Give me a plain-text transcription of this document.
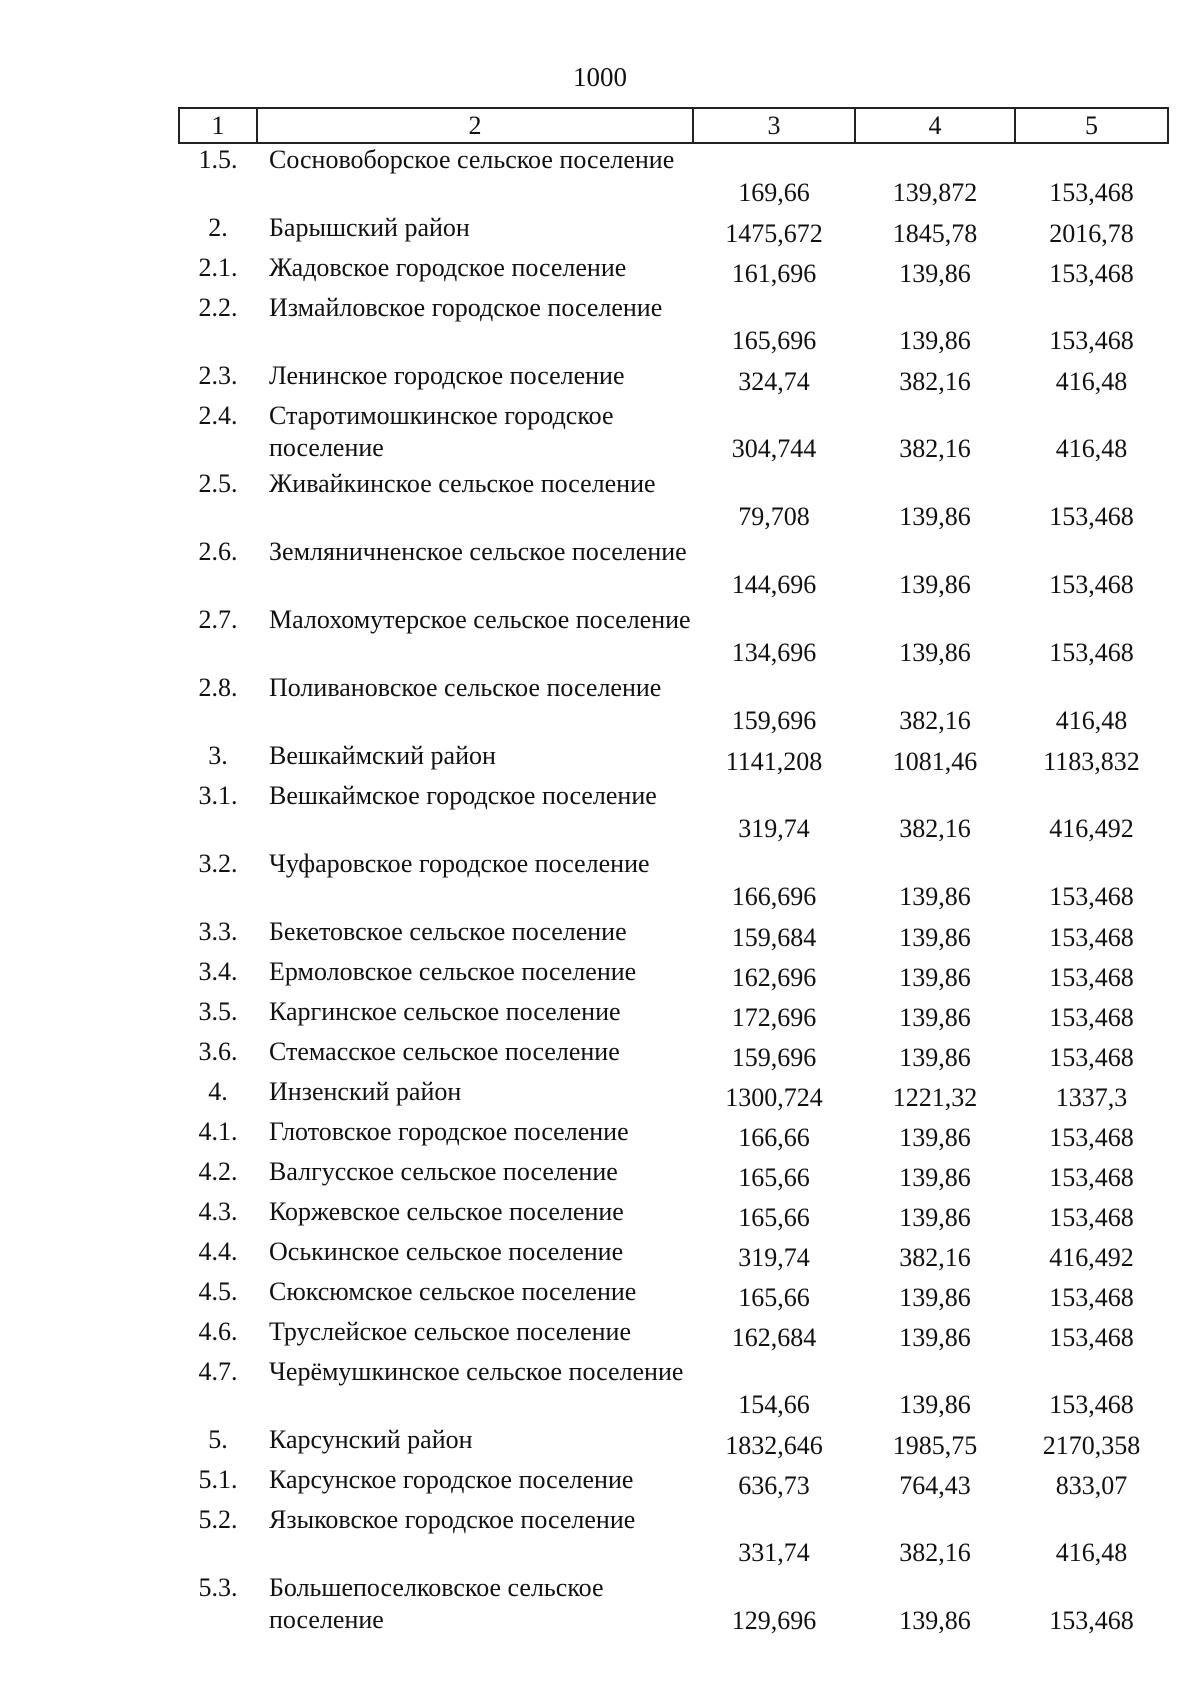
1000
1	2	3	4	5
1.5.	Сосновоборское сельское поселение	169,66	139,872	153,468
2.	Барышский район	1475,672	1845,78	2016,78
2.1.	Жадовское городское поселение	161,696	139,86	153,468
2.2.	Измайловское городское поселение	165,696	139,86	153,468
2.3.	Ленинское городское поселение	324,74	382,16	416,48
2.4.	Старотимошкинское городское поселение	304,744	382,16	416,48
2.5.	Живайкинское сельское поселение	79,708	139,86	153,468
2.6.	Земляничненское сельское поселение	144,696	139,86	153,468
2.7.	Малохомутерское сельское поселение	134,696	139,86	153,468
2.8.	Поливановское сельское поселение	159,696	382,16	416,48
3.	Вешкаймский район	1141,208	1081,46	1183,832
3.1.	Вешкаймское городское поселение	319,74	382,16	416,492
3.2.	Чуфаровское городское поселение	166,696	139,86	153,468
3.3.	Бекетовское сельское поселение	159,684	139,86	153,468
3.4.	Ермоловское сельское поселение	162,696	139,86	153,468
3.5.	Каргинское сельское поселение	172,696	139,86	153,468
3.6.	Стемасское сельское поселение	159,696	139,86	153,468
4.	Инзенский район	1300,724	1221,32	1337,3
4.1.	Глотовское городское поселение	166,66	139,86	153,468
4.2.	Валгусское сельское поселение	165,66	139,86	153,468
4.3.	Коржевское сельское поселение	165,66	139,86	153,468
4.4.	Оськинское сельское поселение	319,74	382,16	416,492
4.5.	Сюксюмское сельское поселение	165,66	139,86	153,468
4.6.	Труслейское сельское поселение	162,684	139,86	153,468
4.7.	Черёмушкинское сельское поселение	154,66	139,86	153,468
5.	Карсунский район	1832,646	1985,75	2170,358
5.1.	Карсунское городское поселение	636,73	764,43	833,07
5.2.	Языковское городское поселение	331,74	382,16	416,48
5.3.	Большепоселковское сельское поселение	129,696	139,86	153,468
